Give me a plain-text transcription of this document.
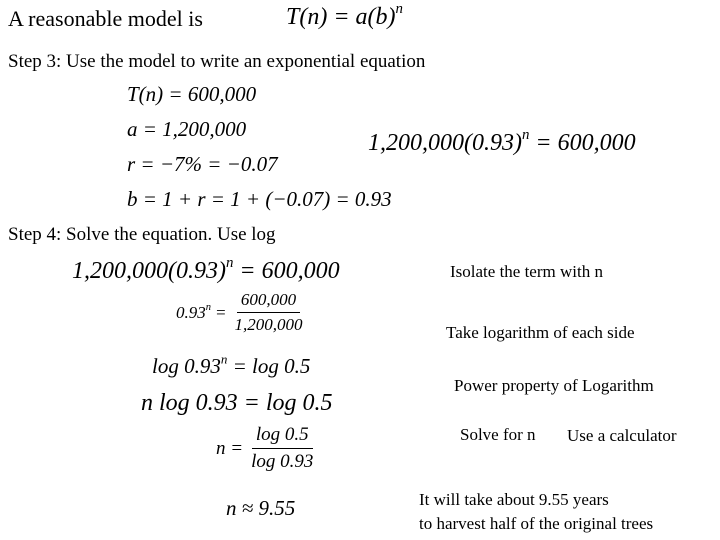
A reasonable model is	$T(n) = a(b)^n$
Step 3: Use the model to write an exponential equation
T(n) = 600,000
a = 1,200,000
r = −7% = −0.07
b = 1 + r = 1 + (−0.07) = 0.93
$1,200,000(0.93)^n = 600,000$
Step 4: Solve the equation. Use log
$1,200,000(0.93)^n = 600,000$
$0.93^n = \frac{600,000}{1,200,000}$
$\log 0.93^n = \log 0.5$
n log 0.93 = log 0.5
$n = \frac{\log 0.5}{\log 0.93}$
n ≈ 9.55
Isolate the term with n
Take logarithm of each side
Power property of Logarithm
Solve for n Use a calculator
It will take about 9.55 years
to harvest half of the original trees
